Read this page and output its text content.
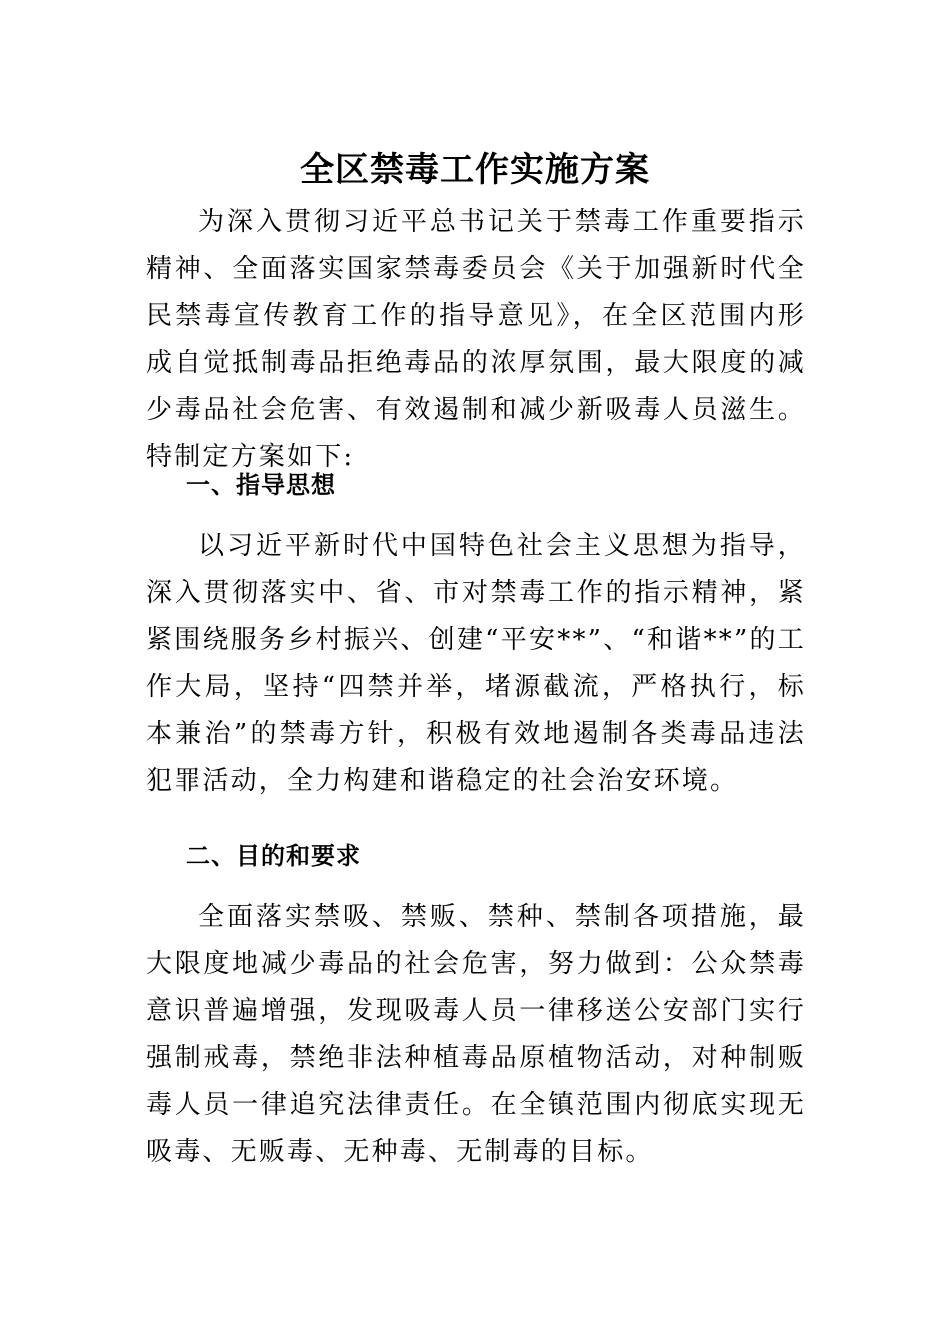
全区禁毒工作实施方案

为深入贯彻习近平总书记关于禁毒工作重要指示精神、全面落实国家禁毒委员会《关于加强新时代全民禁毒宣传教育工作的指导意见》，在全区范围内形成自觉抵制毒品拒绝毒品的浓厚氛围，最大限度的减少毒品社会危害、有效遏制和减少新吸毒人员滋生。特制定方案如下:

一、指导思想

以习近平新时代中国特色社会主义思想为指导，深入贯彻落实中、省、市对禁毒工作的指示精神，紧紧围绕服务乡村振兴、创建“平安**”、“和谐**”的工作大局，坚持“四禁并举，堵源截流，严格执行，标本兼治”的禁毒方针，积极有效地遏制各类毒品违法犯罪活动，全力构建和谐稳定的社会治安环境。

二、目的和要求

全面落实禁吸、禁贩、禁种、禁制各项措施，最大限度地减少毒品的社会危害，努力做到：公众禁毒意识普遍增强，发现吸毒人员一律移送公安部门实行强制戒毒，禁绝非法种植毒品原植物活动，对种制贩毒人员一律追究法律责任。在全镇范围内彻底实现无吸毒、无贩毒、无种毒、无制毒的目标。
